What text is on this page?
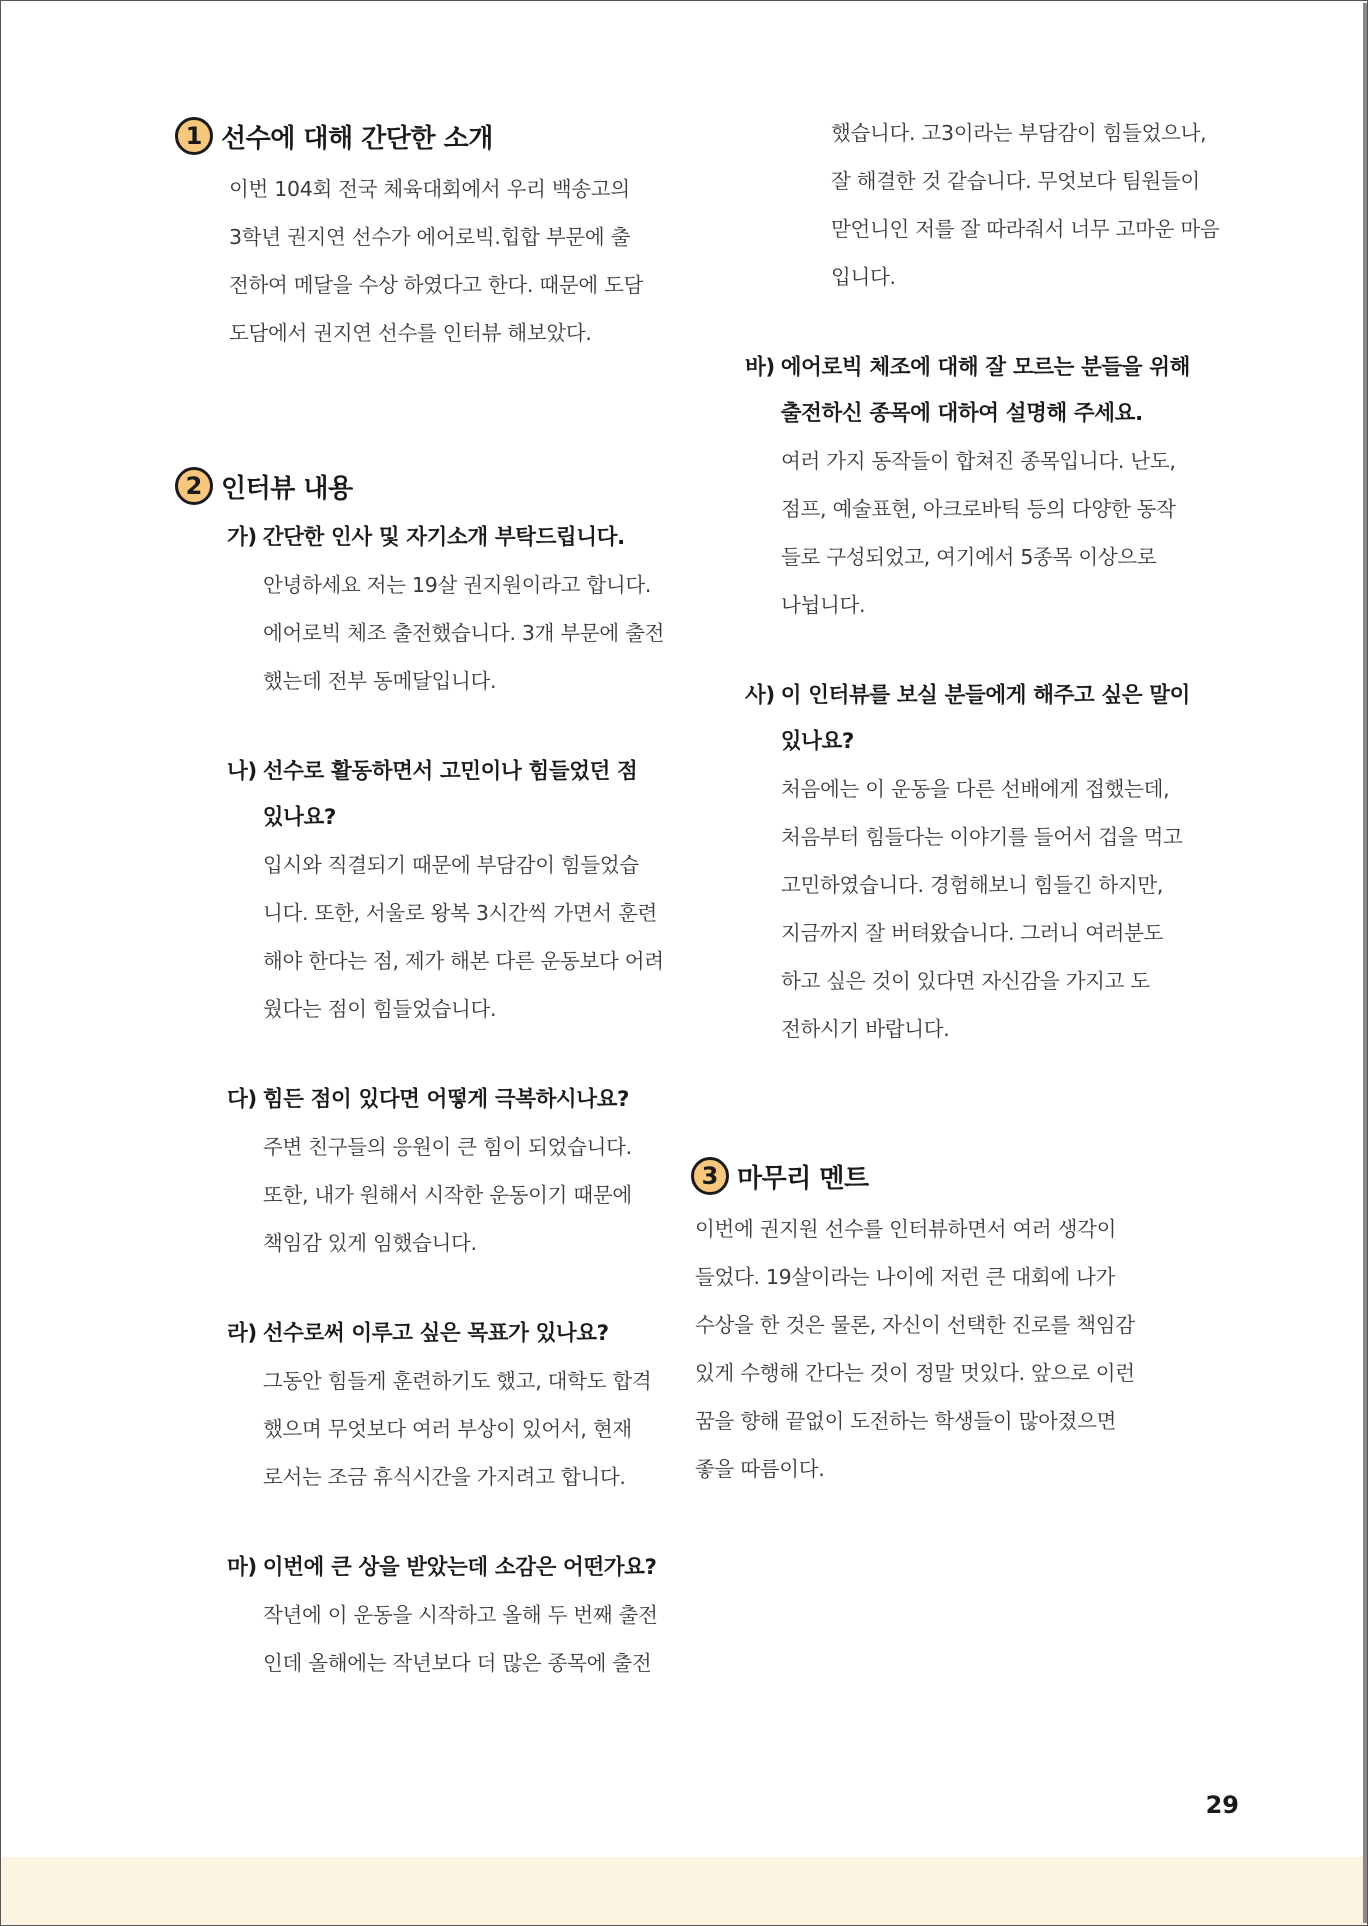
1 선수에 대해 간단한 소개
이번 104회 전국 체육대회에서 우리 백송고의
3학년 권지연 선수가 에어로빅.힙합 부문에 출
전하여 메달을 수상 하였다고 한다. 때문에 도담
도담에서 권지연 선수를 인터뷰 해보았다.
2 인터뷰 내용
가) 간단한 인사 및 자기소개 부탁드립니다.
안녕하세요 저는 19살 권지원이라고 합니다.
에어로빅 체조 출전했습니다. 3개 부문에 출전
했는데 전부 동메달입니다.
나) 선수로 활동하면서 고민이나 힘들었던 점
있나요?
입시와 직결되기 때문에 부담감이 힘들었습
니다. 또한, 서울로 왕복 3시간씩 가면서 훈련
해야 한다는 점, 제가 해본 다른 운동보다 어려
웠다는 점이 힘들었습니다.
다) 힘든 점이 있다면 어떻게 극복하시나요?
주변 친구들의 응원이 큰 힘이 되었습니다.
또한, 내가 원해서 시작한 운동이기 때문에
책임감 있게 임했습니다.
라) 선수로써 이루고 싶은 목표가 있나요?
그동안 힘들게 훈련하기도 했고, 대학도 합격
했으며 무엇보다 여러 부상이 있어서, 현재
로서는 조금 휴식시간을 가지려고 합니다.
마) 이번에 큰 상을 받았는데 소감은 어떤가요?
작년에 이 운동을 시작하고 올해 두 번째 출전
인데 올해에는 작년보다 더 많은 종목에 출전
했습니다. 고3이라는 부담감이 힘들었으나,
잘 해결한 것 같습니다. 무엇보다 팀원들이
맏언니인 저를 잘 따라줘서 너무 고마운 마음
입니다.
바) 에어로빅 체조에 대해 잘 모르는 분들을 위해
출전하신 종목에 대하여 설명해 주세요.
여러 가지 동작들이 합쳐진 종목입니다. 난도,
점프, 예술표현, 아크로바틱 등의 다양한 동작
들로 구성되었고, 여기에서 5종목 이상으로
나뉩니다.
사) 이 인터뷰를 보실 분들에게 해주고 싶은 말이
있나요?
처음에는 이 운동을 다른 선배에게 접했는데,
처음부터 힘들다는 이야기를 들어서 겁을 먹고
고민하였습니다. 경험해보니 힘들긴 하지만,
지금까지 잘 버텨왔습니다. 그러니 여러분도
하고 싶은 것이 있다면 자신감을 가지고 도
전하시기 바랍니다.
3 마무리 멘트
이번에 권지원 선수를 인터뷰하면서 여러 생각이
들었다. 19살이라는 나이에 저런 큰 대회에 나가
수상을 한 것은 물론, 자신이 선택한 진로를 책임감
있게 수행해 간다는 것이 정말 멋있다. 앞으로 이런
꿈을 향해 끝없이 도전하는 학생들이 많아졌으면
좋을 따름이다.
29
